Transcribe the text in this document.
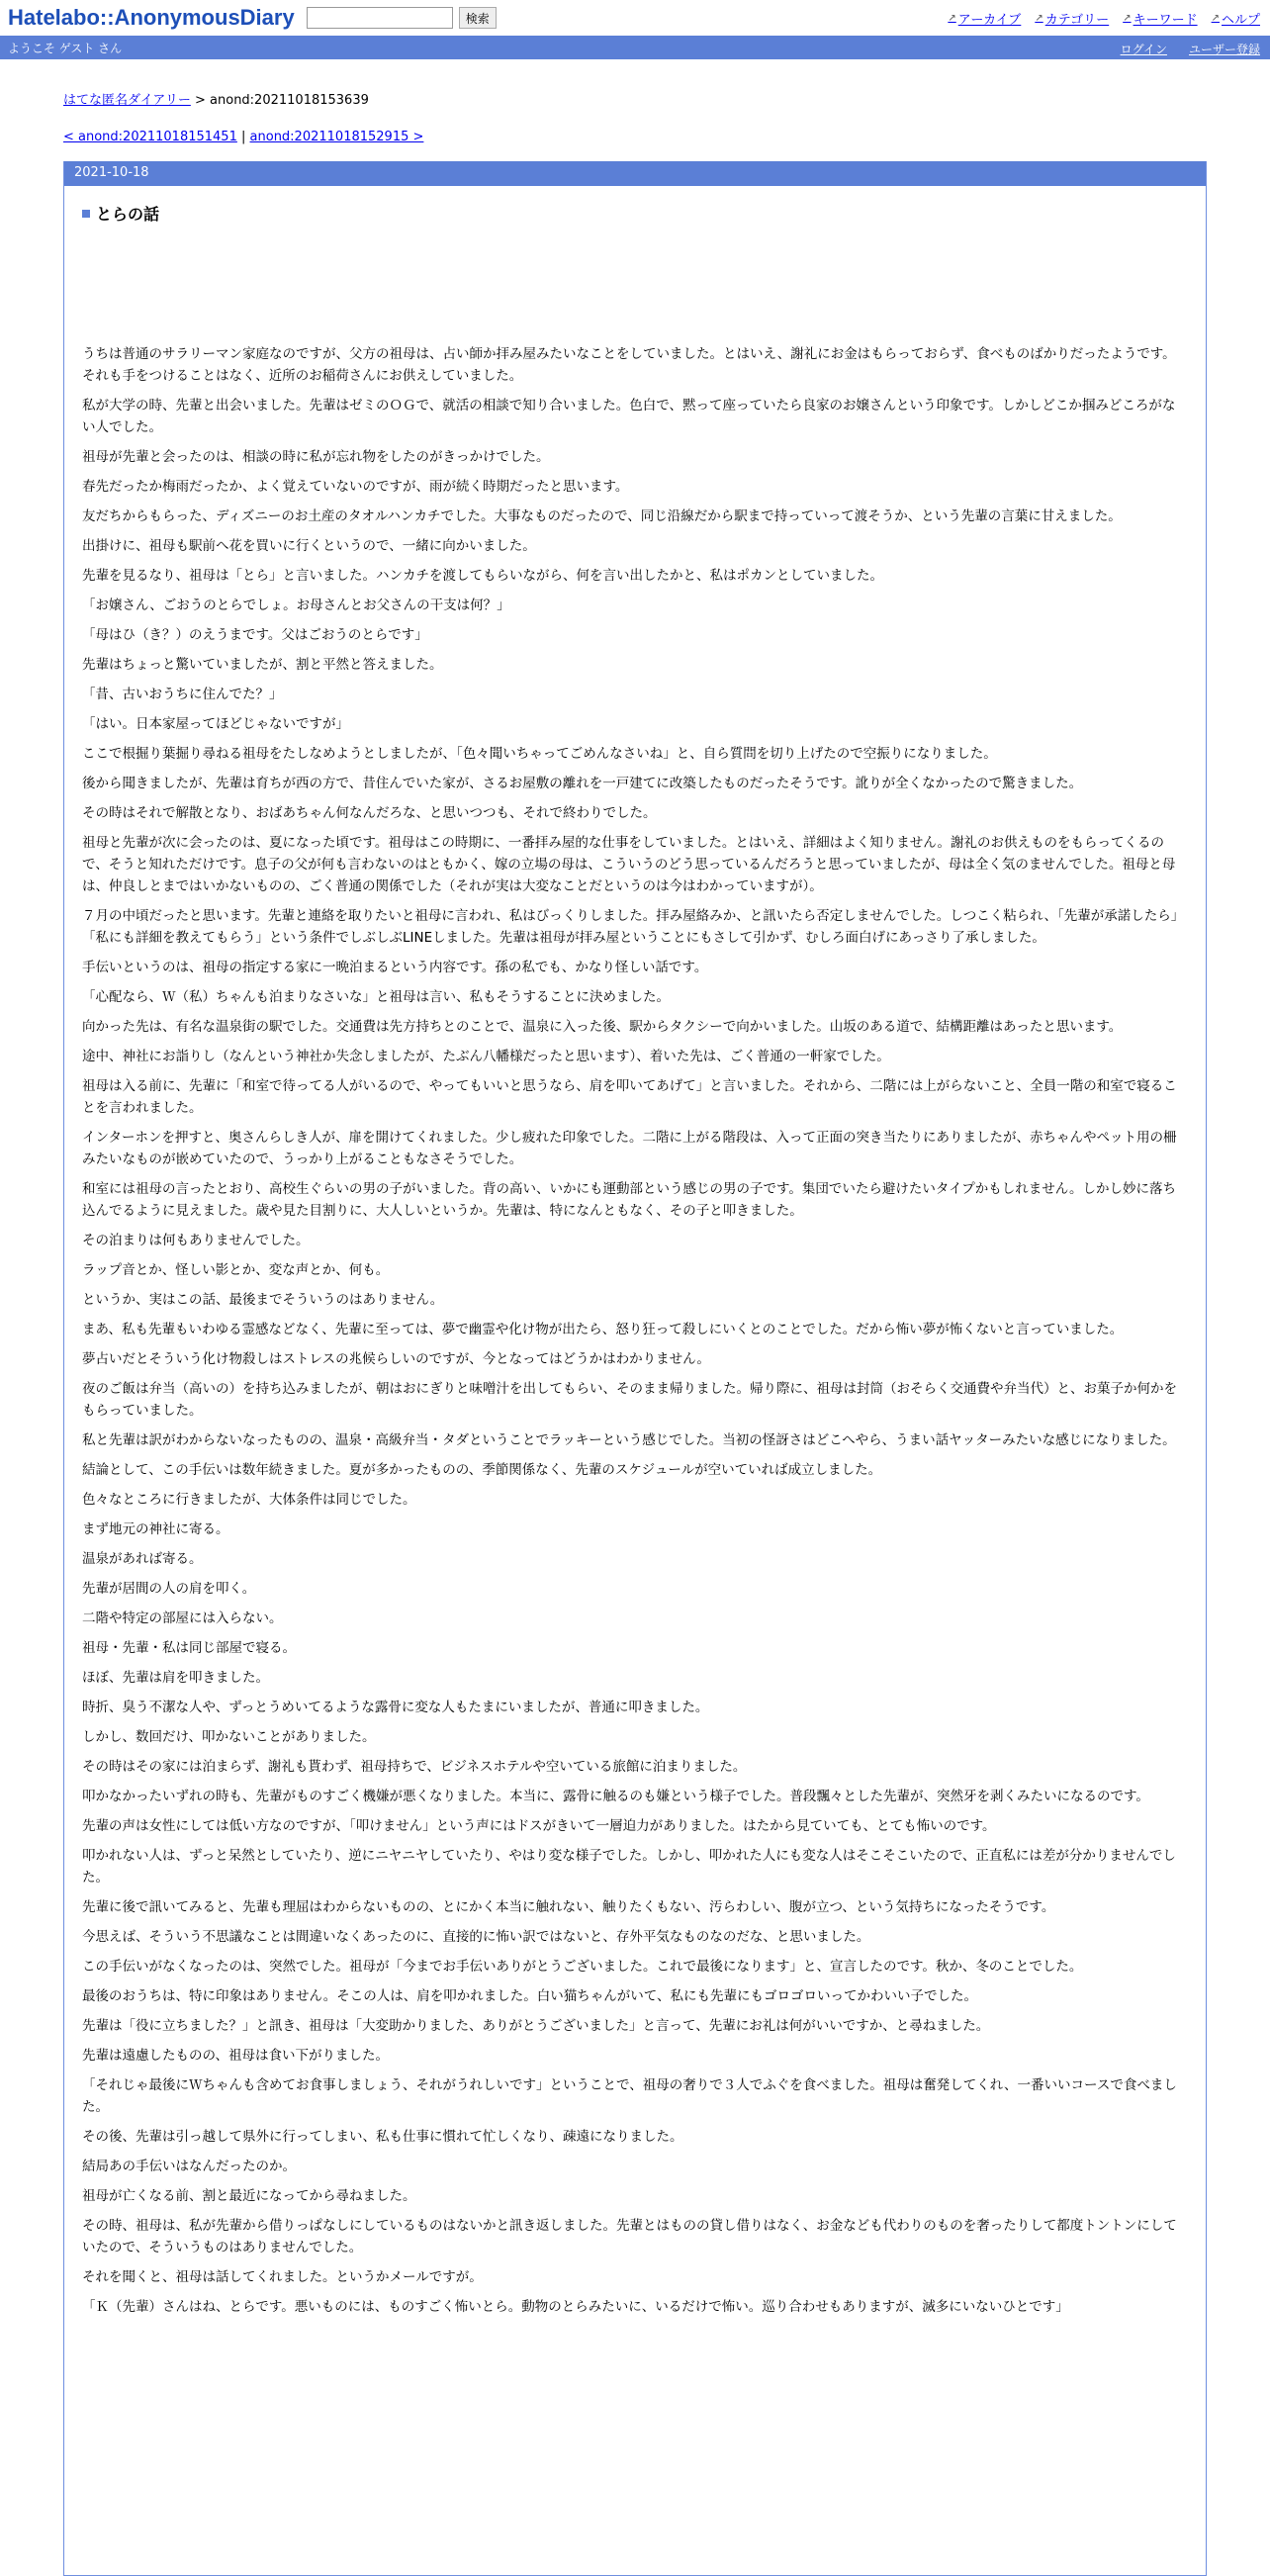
Hatelabo::AnonymousDiary	検索	↗ アーカイブ ↗ カテゴリー ↗ キーワード ↗ ヘルプ
ようこそ ゲスト さん	ログイン ユーザー登録
はてな匿名ダイアリー > anond:20211018153639
< anond:20211018151451 | anond:20211018152915 >
2021-10-18
とらの話

うちは普通のサラリーマン家庭なのですが、父方の祖母は、占い師か拝み屋みたいなことをしていました。とはいえ、謝礼にお金はもらっておらず、食べものばかりだったようです。それも手をつけることはなく、近所のお稲荷さんにお供えしていました。

私が大学の時、先輩と出会いました。先輩はゼミのＯＧで、就活の相談で知り合いました。色白で、黙って座っていたら良家のお嬢さんという印象です。しかしどこか掴みどころがない人でした。

祖母が先輩と会ったのは、相談の時に私が忘れ物をしたのがきっかけでした。

春先だったか梅雨だったか、よく覚えていないのですが、雨が続く時期だったと思います。

友だちからもらった、ディズニーのお土産のタオルハンカチでした。大事なものだったので、同じ沿線だから駅まで持っていって渡そうか、という先輩の言葉に甘えました。

出掛けに、祖母も駅前へ花を買いに行くというので、一緒に向かいました。

先輩を見るなり、祖母は「とら」と言いました。ハンカチを渡してもらいながら、何を言い出したかと、私はポカンとしていました。

「お嬢さん、ごおうのとらでしょ。お母さんとお父さんの干支は何？」

「母はひ（き？）のえうまです。父はごおうのとらです」

先輩はちょっと驚いていましたが、割と平然と答えました。

「昔、古いおうちに住んでた？」

「はい。日本家屋ってほどじゃないですが」

ここで根掘り葉掘り尋ねる祖母をたしなめようとしましたが、「色々聞いちゃってごめんなさいね」と、自ら質問を切り上げたので空振りになりました。

後から聞きましたが、先輩は育ちが西の方で、昔住んでいた家が、さるお屋敷の離れを一戸建てに改築したものだったそうです。訛りが全くなかったので驚きました。

その時はそれで解散となり、おばあちゃん何なんだろな、と思いつつも、それで終わりでした。

祖母と先輩が次に会ったのは、夏になった頃です。祖母はこの時期に、一番拝み屋的な仕事をしていました。とはいえ、詳細はよく知りません。謝礼のお供えものをもらってくるので、そうと知れただけです。息子の父が何も言わないのはともかく、嫁の立場の母は、こういうのどう思っているんだろうと思っていましたが、母は全く気のませんでした。祖母と母は、仲良しとまではいかないものの、ごく普通の関係でした（それが実は大変なことだというのは今はわかっていますが）。

７月の中頃だったと思います。先輩と連絡を取りたいと祖母に言われ、私はびっくりしました。拝み屋絡みか、と訊いたら否定しませんでした。しつこく粘られ、「先輩が承諾したら」「私にも詳細を教えてもらう」という条件でしぶしぶLINEしました。先輩は祖母が拝み屋ということにもさして引かず、むしろ面白げにあっさり了承しました。

手伝いというのは、祖母の指定する家に一晩泊まるという内容です。孫の私でも、かなり怪しい話です。

「心配なら、Ｗ（私）ちゃんも泊まりなさいな」と祖母は言い、私もそうすることに決めました。

向かった先は、有名な温泉街の駅でした。交通費は先方持ちとのことで、温泉に入った後、駅からタクシーで向かいました。山坂のある道で、結構距離はあったと思います。

途中、神社にお詣りし（なんという神社か失念しましたが、たぶん八幡様だったと思います）、着いた先は、ごく普通の一軒家でした。

祖母は入る前に、先輩に「和室で待ってる人がいるので、やってもいいと思うなら、肩を叩いてあげて」と言いました。それから、二階には上がらないこと、全員一階の和室で寝ることを言われました。

インターホンを押すと、奥さんらしき人が、扉を開けてくれました。少し疲れた印象でした。二階に上がる階段は、入って正面の突き当たりにありましたが、赤ちゃんやペット用の柵みたいなものが嵌めていたので、うっかり上がることもなさそうでした。

和室には祖母の言ったとおり、高校生ぐらいの男の子がいました。背の高い、いかにも運動部という感じの男の子です。集団でいたら避けたいタイプかもしれません。しかし妙に落ち込んでるように見えました。歳や見た目割りに、大人しいというか。先輩は、特になんともなく、その子と叩きました。

その泊まりは何もありませんでした。

ラップ音とか、怪しい影とか、変な声とか、何も。

というか、実はこの話、最後までそういうのはありません。

まあ、私も先輩もいわゆる霊感などなく、先輩に至っては、夢で幽霊や化け物が出たら、怒り狂って殺しにいくとのことでした。だから怖い夢が怖くないと言っていました。

夢占いだとそういう化け物殺しはストレスの兆候らしいのですが、今となってはどうかはわかりません。

夜のご飯は弁当（高いの）を持ち込みましたが、朝はおにぎりと味噌汁を出してもらい、そのまま帰りました。帰り際に、祖母は封筒（おそらく交通費や弁当代）と、お菓子か何かをもらっていました。

私と先輩は訳がわからないなったものの、温泉・高級弁当・タダということでラッキーという感じでした。当初の怪訝さはどこへやら、うまい話ヤッターみたいな感じになりました。

結論として、この手伝いは数年続きました。夏が多かったものの、季節関係なく、先輩のスケジュールが空いていれば成立しました。

色々なところに行きましたが、大体条件は同じでした。

まず地元の神社に寄る。

温泉があれば寄る。

先輩が居間の人の肩を叩く。

二階や特定の部屋には入らない。

祖母・先輩・私は同じ部屋で寝る。

ほぼ、先輩は肩を叩きました。

時折、臭う不潔な人や、ずっとうめいてるような露骨に変な人もたまにいましたが、普通に叩きました。

しかし、数回だけ、叩かないことがありました。

その時はその家には泊まらず、謝礼も貰わず、祖母持ちで、ビジネスホテルや空いている旅館に泊まりました。

叩かなかったいずれの時も、先輩がものすごく機嫌が悪くなりました。本当に、露骨に触るのも嫌という様子でした。普段飄々とした先輩が、突然牙を剥くみたいになるのです。

先輩の声は女性にしては低い方なのですが、「叩けません」という声にはドスがきいて一層迫力がありました。はたから見ていても、とても怖いのです。

叩かれない人は、ずっと呆然としていたり、逆にニヤニヤしていたり、やはり変な様子でした。しかし、叩かれた人にも変な人はそこそこいたので、正直私には差が分かりませんでした。

先輩に後で訊いてみると、先輩も理屈はわからないものの、とにかく本当に触れない、触りたくもない、汚らわしい、腹が立つ、という気持ちになったそうです。

今思えば、そういう不思議なことは間違いなくあったのに、直接的に怖い訳ではないと、存外平気なものなのだな、と思いました。

この手伝いがなくなったのは、突然でした。祖母が「今までお手伝いありがとうございました。これで最後になります」と、宣言したのです。秋か、冬のことでした。

最後のおうちは、特に印象はありません。そこの人は、肩を叩かれました。白い猫ちゃんがいて、私にも先輩にもゴロゴロいってかわいい子でした。

先輩は「役に立ちました？」と訊き、祖母は「大変助かりました、ありがとうございました」と言って、先輩にお礼は何がいいですか、と尋ねました。

先輩は遠慮したものの、祖母は食い下がりました。

「それじゃ最後にＷちゃんも含めてお食事しましょう、それがうれしいです」ということで、祖母の奢りで３人でふぐを食べました。祖母は奮発してくれ、一番いいコースで食べました。

その後、先輩は引っ越して県外に行ってしまい、私も仕事に慣れて忙しくなり、疎遠になりました。

結局あの手伝いはなんだったのか。

祖母が亡くなる前、割と最近になってから尋ねました。

その時、祖母は、私が先輩から借りっぱなしにしているものはないかと訊き返しました。先輩とはものの貸し借りはなく、お金なども代わりのものを奢ったりして都度トントンにしていたので、そういうものはありませんでした。

それを聞くと、祖母は話してくれました。というかメールですが。

「Ｋ（先輩）さんはね、とらです。悪いものには、ものすごく怖いとら。動物のとらみたいに、いるだけで怖い。巡り合わせもありますが、滅多にいないひとです」
